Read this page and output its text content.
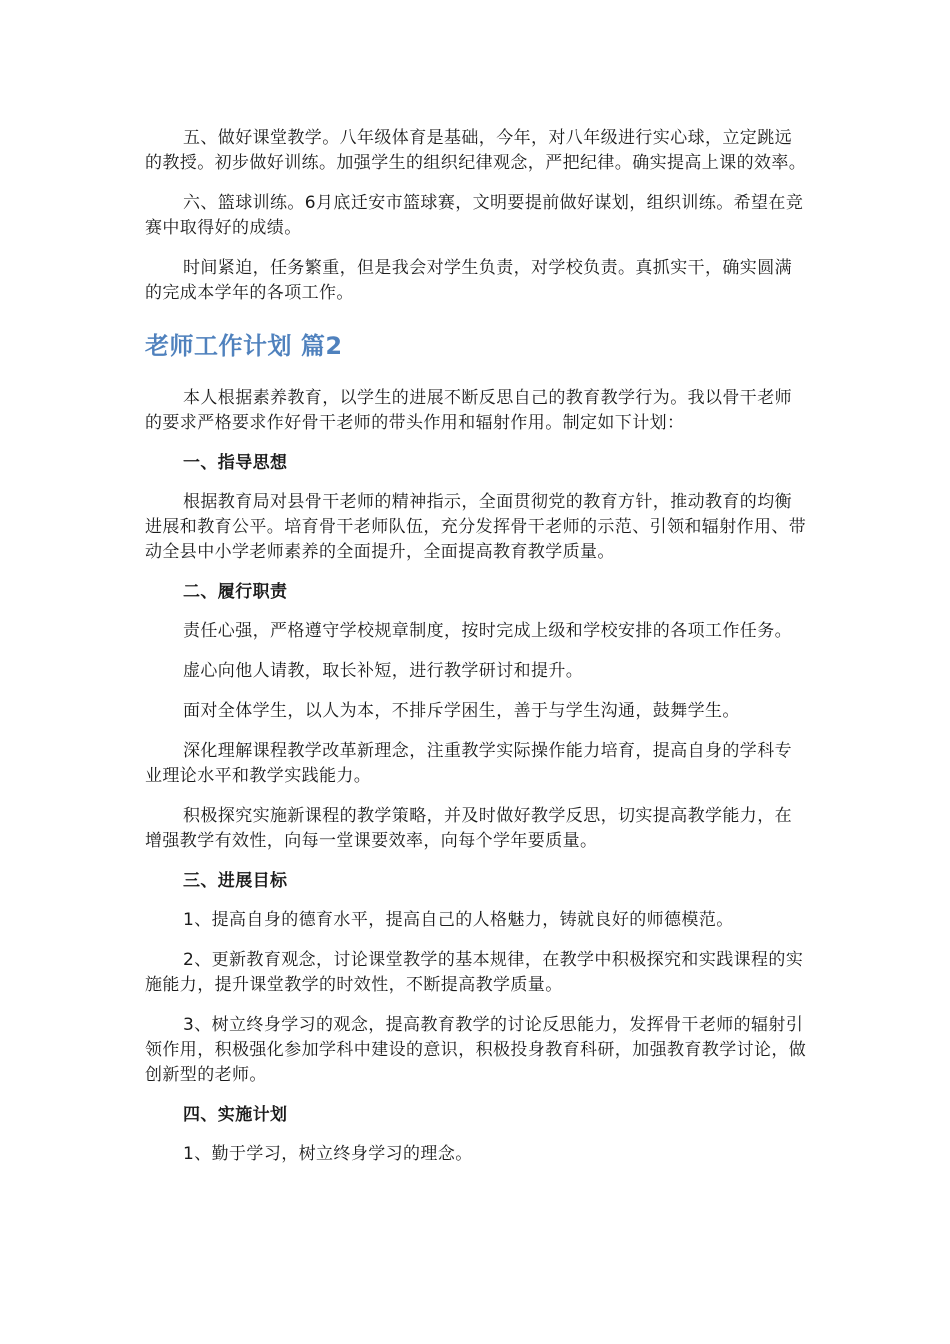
五、做好课堂教学。八年级体育是基础，今年，对八年级进行实心球，立定跳远的教授。初步做好训练。加强学生的组织纪律观念，严把纪律。确实提高上课的效率。

六、篮球训练。6月底迁安市篮球赛，文明要提前做好谋划，组织训练。希望在竞赛中取得好的成绩。

时间紧迫，任务繁重，但是我会对学生负责，对学校负责。真抓实干，确实圆满的完成本学年的各项工作。

老师工作计划 篇2

本人根据素养教育，以学生的进展不断反思自己的教育教学行为。我以骨干老师的要求严格要求作好骨干老师的带头作用和辐射作用。制定如下计划：

一、指导思想

根据教育局对县骨干老师的精神指示，全面贯彻党的教育方针，推动教育的均衡进展和教育公平。培育骨干老师队伍，充分发挥骨干老师的示范、引领和辐射作用、带动全县中小学老师素养的全面提升，全面提高教育教学质量。

二、履行职责

责任心强，严格遵守学校规章制度，按时完成上级和学校安排的各项工作任务。

虚心向他人请教，取长补短，进行教学研讨和提升。

面对全体学生，以人为本，不排斥学困生，善于与学生沟通，鼓舞学生。

深化理解课程教学改革新理念，注重教学实际操作能力培育，提高自身的学科专业理论水平和教学实践能力。

积极探究实施新课程的教学策略，并及时做好教学反思，切实提高教学能力，在增强教学有效性，向每一堂课要效率，向每个学年要质量。

三、进展目标

1、提高自身的德育水平，提高自己的人格魅力，铸就良好的师德模范。

2、更新教育观念，讨论课堂教学的基本规律，在教学中积极探究和实践课程的实施能力，提升课堂教学的时效性，不断提高教学质量。

3、树立终身学习的观念，提高教育教学的讨论反思能力，发挥骨干老师的辐射引领作用，积极强化参加学科中建设的意识，积极投身教育科研，加强教育教学讨论，做创新型的老师。

四、实施计划

1、勤于学习，树立终身学习的理念。
